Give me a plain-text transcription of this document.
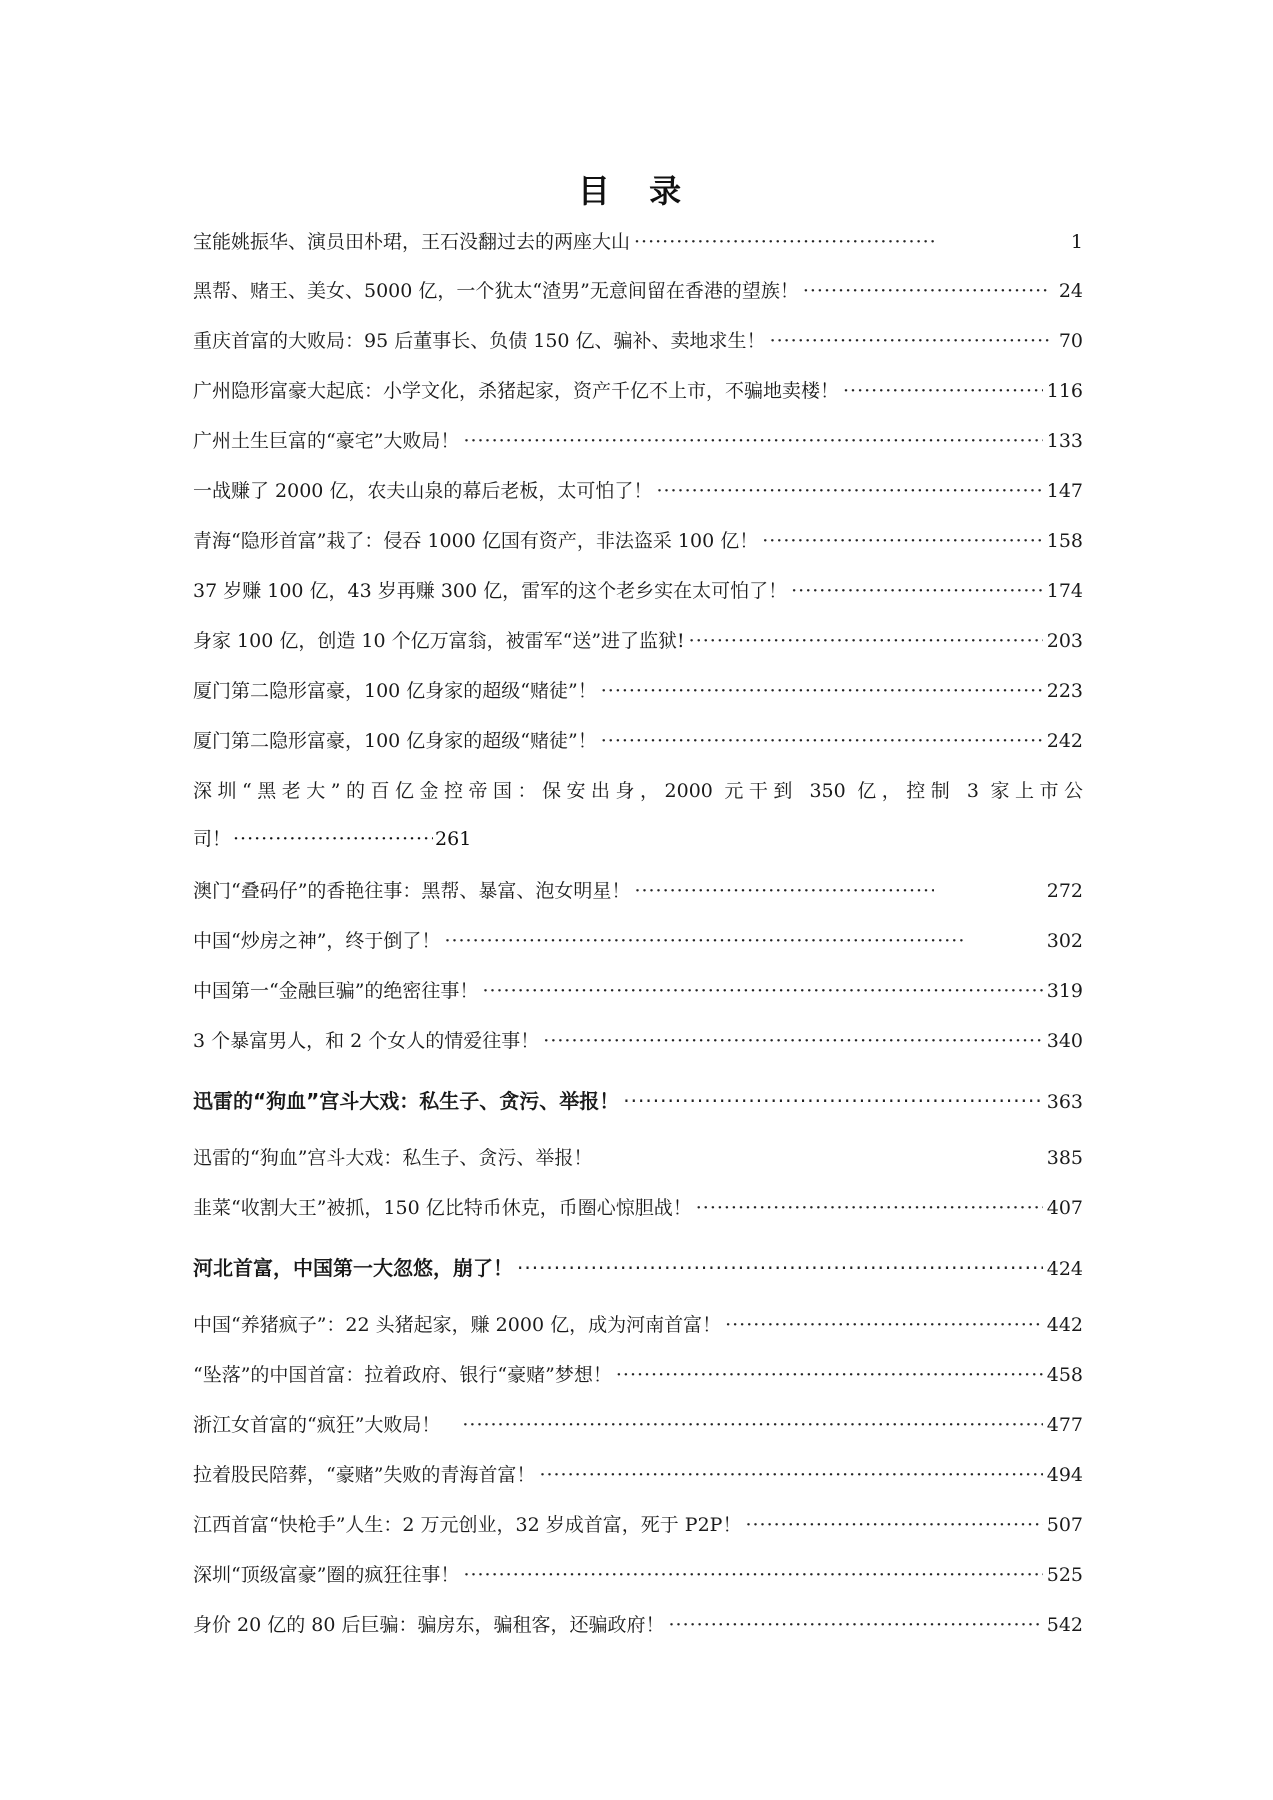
目 录
宝能姚振华、演员田朴珺，王石没翻过去的两座大山 ·····	1
黑帮、赌王、美女、5000 亿，一个犹太“渣男”无意间留在香港的望族！ ·····	24
重庆首富的大败局：95 后董事长、负债 150 亿、骗补、卖地求生！ ·····	70
广州隐形富豪大起底：小学文化，杀猪起家，资产千亿不上市，不骗地卖楼！ ·····	116
广州土生巨富的“豪宅”大败局！ ·····	133
一战赚了 2000 亿，农夫山泉的幕后老板，太可怕了！ ·····	147
青海“隐形首富”栽了：侵吞 1000 亿国有资产，非法盗采 100 亿！ ·····	158
37 岁赚 100 亿，43 岁再赚 300 亿，雷军的这个老乡实在太可怕了！ ·····	174
身家 100 亿，创造 10 个亿万富翁，被雷军“送”进了监狱! ·····	203
厦门第二隐形富豪，100 亿身家的超级“赌徒”！ ·····	223
厦门第二隐形富豪，100 亿身家的超级“赌徒”！ ·····	242
深圳“黑老大”的百亿金控帝国：保安出身，2000 元干到 350 亿，控制 3 家上市公
司！ ·····	261
澳门“叠码仔”的香艳往事：黑帮、暴富、泡女明星！ ·····	272
中国“炒房之神”，终于倒了！ ·····	302
中国第一“金融巨骗”的绝密往事！ ·····	319
3 个暴富男人，和 2 个女人的情爱往事！ ·····	340
迅雷的“狗血”宫斗大戏：私生子、贪污、举报！ ·····	363
迅雷的“狗血”宫斗大戏：私生子、贪污、举报！	385
韭菜“收割大王”被抓，150 亿比特币休克，币圈心惊胆战！ ·····	407
河北首富，中国第一大忽悠，崩了！ ·····	424
中国“养猪疯子”：22 头猪起家，赚 2000 亿，成为河南首富！ ·····	442
“坠落”的中国首富：拉着政府、银行“豪赌”梦想！ ·····	458
浙江女首富的“疯狂”大败局！ ·····	477
拉着股民陪葬，“豪赌”失败的青海首富！ ·····	494
江西首富“快枪手”人生：2 万元创业，32 岁成首富，死于 P2P！ ·····	507
深圳“顶级富豪”圈的疯狂往事！ ·····	525
身价 20 亿的 80 后巨骗：骗房东，骗租客，还骗政府！ ·····	542
